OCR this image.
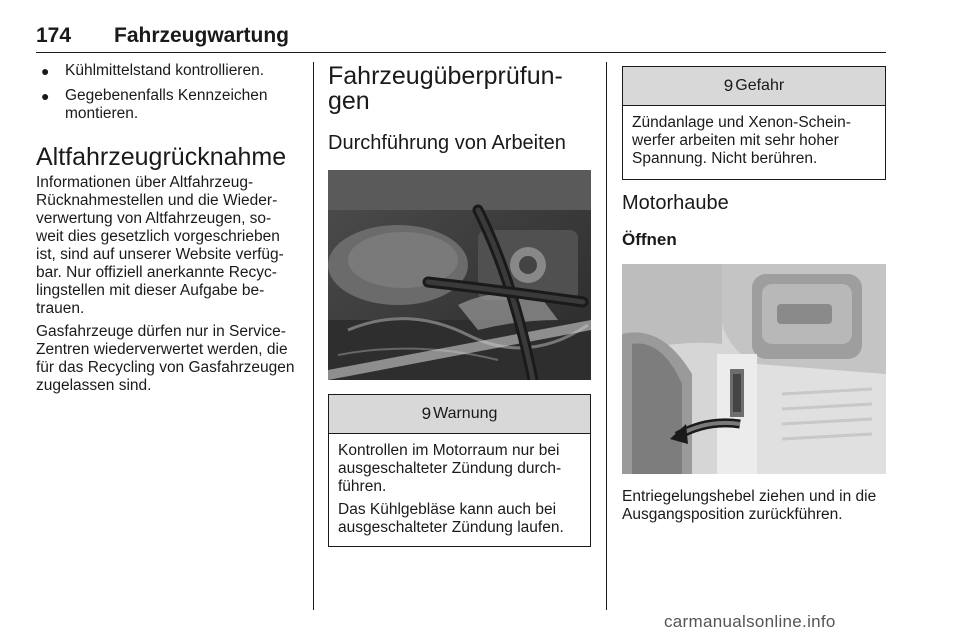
174 Fahrzeugwartung
● Kühlmittelstand kontrollieren.
● Gegebenenfalls Kennzeichen montieren.
Altfahrzeugrücknahme

Informationen über Altfahrzeug-Rücknahmestellen und die Wieder-verwertung von Altfahrzeugen, so-weit dies gesetzlich vorgeschrieben ist, sind auf unserer Website verfüg-bar. Nur offiziell anerkannte Recyc-lingstellen mit dieser Aufgabe be-trauen.

Gasfahrzeuge dürfen nur in Service-Zentren wiederverwertet werden, die für das Recycling von Gasfahrzeugen zugelassen sind.

Fahrzeugüberprüfun-
gen
Durchführung von Arbeiten
9 Warnung

Kontrollen im Motorraum nur bei ausgeschalteter Zündung durch-führen.

Das Kühlgebläse kann auch bei ausgeschalteter Zündung laufen.

9 Gefahr

Zündanlage und Xenon-Schein-werfer arbeiten mit sehr hoher Spannung. Nicht berühren.

Motorhaube
Öffnen

Entriegelungshebel ziehen und in die Ausgangsposition zurückführen.

carmanualsonline.info
